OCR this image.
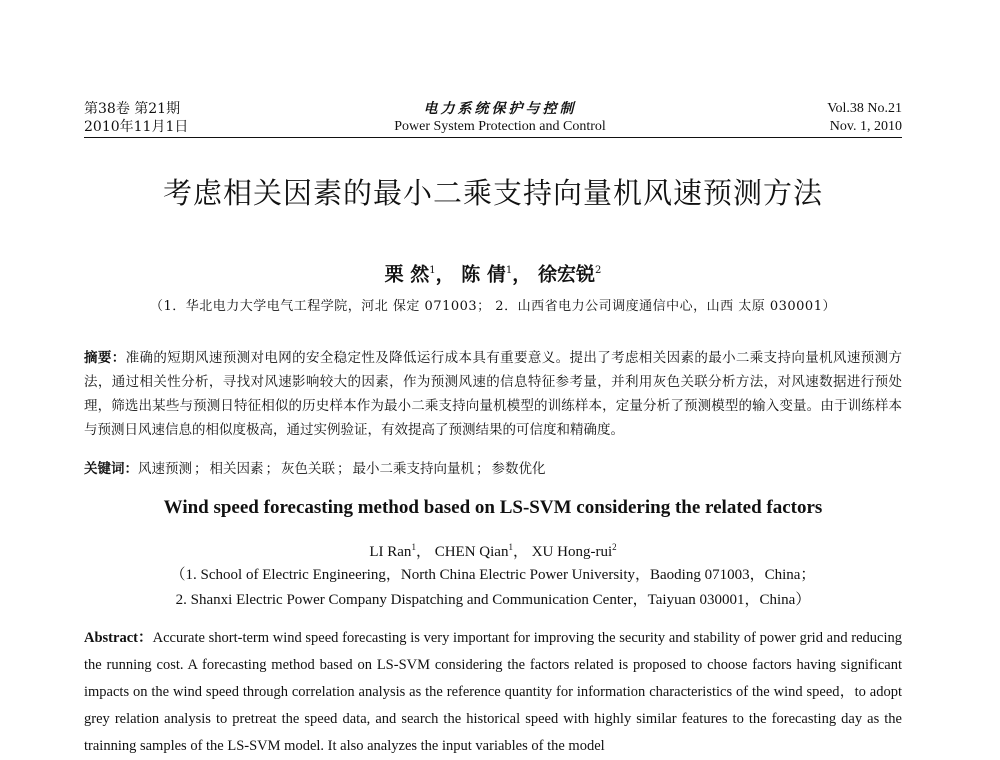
第38卷 第21期
2010年11月1日
电力系统保护与控制
Power System Protection and Control
Vol.38 No.21
Nov. 1, 2010
考虑相关因素的最小二乘支持向量机风速预测方法
栗 然$^1$， 陈 倩$^1$， 徐宏锐$^2$
（1．华北电力大学电气工程学院，河北 保定 071003； 2．山西省电力公司调度通信中心，山西 太原 030001）
摘要：准确的短期风速预测对电网的安全稳定性及降低运行成本具有重要意义。提出了考虑相关因素的最小二乘支持向量机风速预测方法，通过相关性分析，寻找对风速影响较大的因素，作为预测风速的信息特征参考量，并利用灰色关联分析方法，对风速数据进行预处理，筛选出某些与预测日特征相似的历史样本作为最小二乘支持向量机模型的训练样本，定量分析了预测模型的输入变量。由于训练样本与预测日风速信息的相似度极高，通过实例验证，有效提高了预测结果的可信度和精确度。
关键词：风速预测 ； 相关因素 ； 灰色关联 ； 最小二乘支持向量机 ； 参数优化
Wind speed forecasting method based on LS-SVM considering the related factors
LI Ran$^1$， CHEN Qian$^1$， XU Hong-rui$^2$
（1. School of Electric Engineering，North China Electric Power University，Baoding 071003，China；
2. Shanxi Electric Power Company Dispatching and Communication Center，Taiyuan 030001，China）
Abstract：Accurate short-term wind speed forecasting is very important for improving the security and stability of power grid and reducing the running cost. A forecasting method based on LS-SVM considering the factors related is proposed to choose factors having significant impacts on the wind speed through correlation analysis as the reference quantity for information characteristics of the wind speed，to adopt grey relation analysis to pretreat the speed data, and search the historical speed with highly similar features to the forecasting day as the trainning samples of the LS-SVM model. It also analyzes the input variables of the model
